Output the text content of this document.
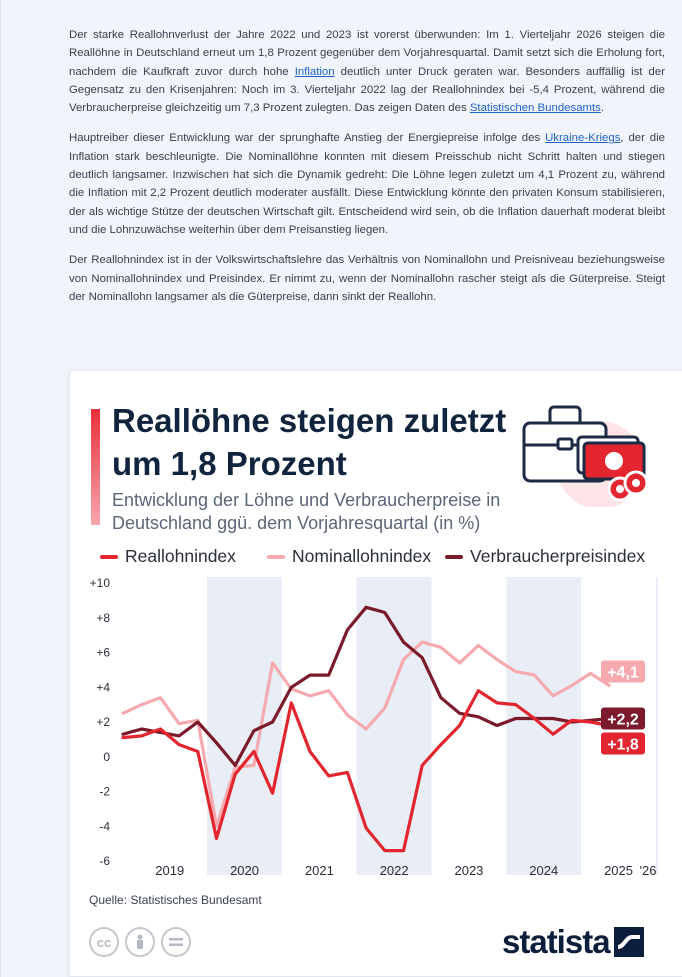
Der starke Reallohnverlust der Jahre 2022 und 2023 ist vorerst überwunden: Im 1. Vierteljahr 2026 steigen die Reallöhne in Deutschland erneut um 1,8 Prozent gegenüber dem Vorjahresquartal. Damit setzt sich die Erholung fort, nachdem die Kaufkraft zuvor durch hohe Inflation deutlich unter Druck geraten war. Besonders auffällig ist der Gegensatz zu den Krisenjahren: Noch im 3. Vierteljahr 2022 lag der Reallohnindex bei -5,4 Prozent, während die Verbraucherpreise gleichzeitig um 7,3 Prozent zulegten. Das zeigen Daten des Statistischen Bundesamts.

Hauptreiber dieser Entwicklung war der sprunghafte Anstieg der Energiepreise infolge des Ukraine-Kriegs, der die Inflation stark beschleunigte. Die Nominallöhne konnten mit diesem Preisschub nicht Schritt halten und stiegen deutlich langsamer. Inzwischen hat sich die Dynamik gedreht: Die Löhne legen zuletzt um 4,1 Prozent zu, während die Inflation mit 2,2 Prozent deutlich moderater ausfällt. Diese Entwicklung könnte den privaten Konsum stabilisieren, der als wichtige Stütze der deutschen Wirtschaft gilt. Entscheidend wird sein, ob die Inflation dauerhaft moderat bleibt und die Lohnzuwächse weiterhin über dem Preisanstieg liegen.

Der Reallohnindex ist in der Volkswirtschaftslehre das Verhältnis von Nominallohn und Preisniveau beziehungsweise von Nominallohnindex und Preisindex. Er nimmt zu, wenn der Nominallohn rascher steigt als die Güterpreise. Steigt der Nominallohn langsamer als die Güterpreise, dann sinkt der Reallohn.

Reallöhne steigen zuletzt um 1,8 Prozent
Entwicklung der Löhne und Verbraucherpreise in Deutschland ggü. dem Vorjahresquartal (in %)
Reallohnindex	Nominallohnindex Verbraucherpreisindex
+10
+8
+6
+4
+2
0
-2
-4
-6
2019	2020	2021	2022	2023	2024	2025 '26
+4,1
+2,2
+1,8
Quelle: Statistisches Bundesamt
cc	statista
